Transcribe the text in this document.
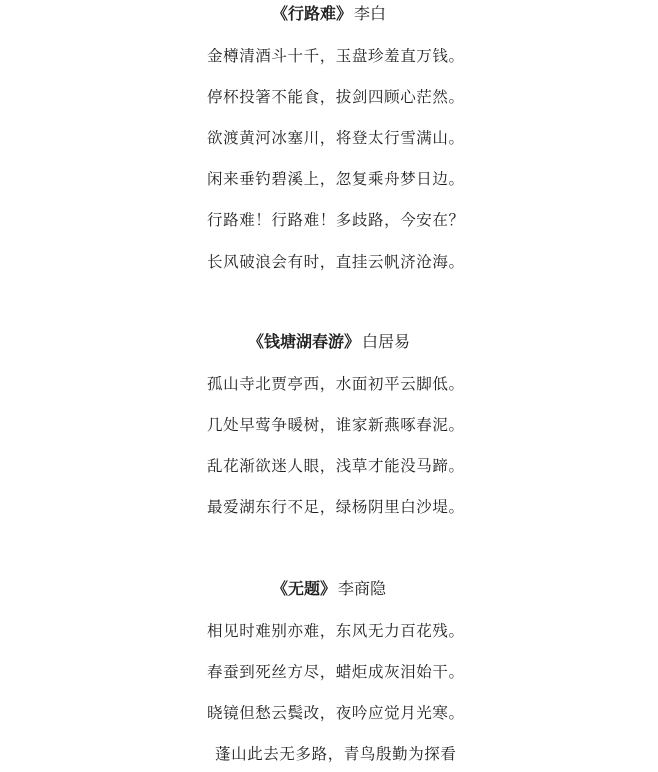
《行路难》 李白
金樽清酒斗十千，玉盘珍羞直万钱。
停杯投箸不能食，拔剑四顾心茫然。
欲渡黄河冰塞川，将登太行雪满山。
闲来垂钓碧溪上，忽复乘舟梦日边。
行路难！行路难！多歧路，今安在？
长风破浪会有时，直挂云帆济沧海。
《钱塘湖春游》 白居易
孤山寺北贾亭西，水面初平云脚低。
几处早莺争暖树，谁家新燕啄春泥。
乱花渐欲迷人眼，浅草才能没马蹄。
最爱湖东行不足，绿杨阴里白沙堤。
《无题》 李商隐
相见时难别亦难，东风无力百花残。
春蚕到死丝方尽，蜡炬成灰泪始干。
晓镜但愁云鬓改，夜吟应觉月光寒。
蓬山此去无多路，青鸟殷勤为探看
